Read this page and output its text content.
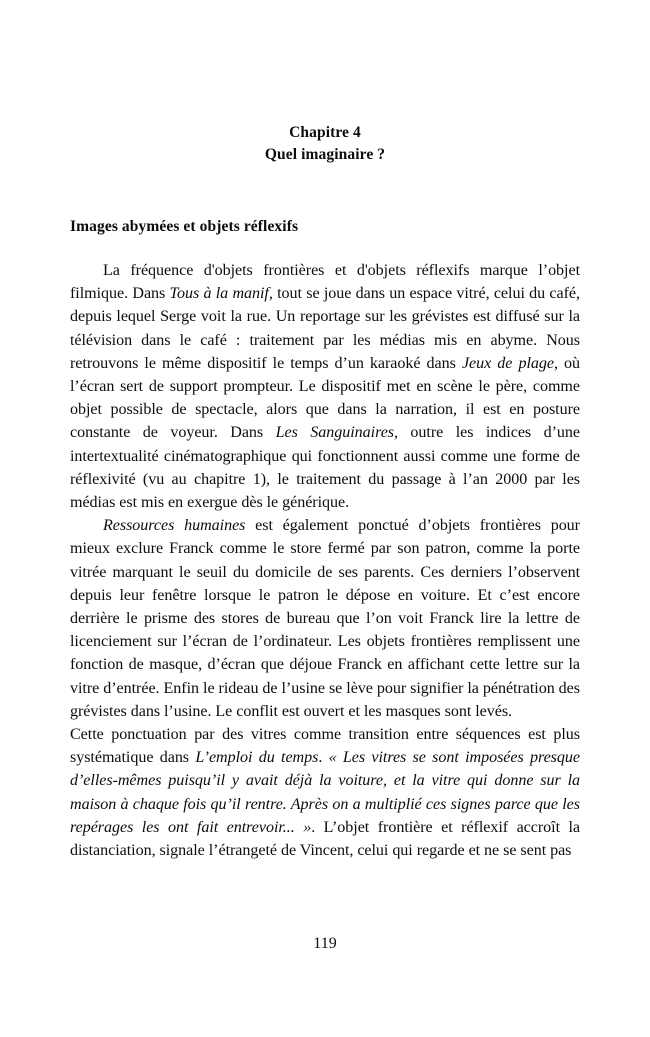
Chapitre 4
Quel imaginaire ?
Images abymées et objets réflexifs

La fréquence d'objets frontières et d'objets réflexifs marque l’objet filmique. Dans Tous à la manif, tout se joue dans un espace vitré, celui du café, depuis lequel Serge voit la rue. Un reportage sur les grévistes est diffusé sur la télévision dans le café : traitement par les médias mis en abyme. Nous retrouvons le même dispositif le temps d’un karaoké dans Jeux de plage, où l’écran sert de support prompteur. Le dispositif met en scène le père, comme objet possible de spectacle, alors que dans la narration, il est en posture constante de voyeur. Dans Les Sanguinaires, outre les indices d’une intertextualité cinématographique qui fonctionnent aussi comme une forme de réflexivité (vu au chapitre 1), le traitement du passage à l’an 2000 par les médias est mis en exergue dès le générique.

Ressources humaines est également ponctué d’objets frontières pour mieux exclure Franck comme le store fermé par son patron, comme la porte vitrée marquant le seuil du domicile de ses parents. Ces derniers l’observent depuis leur fenêtre lorsque le patron le dépose en voiture. Et c’est encore derrière le prisme des stores de bureau que l’on voit Franck lire la lettre de licenciement sur l’écran de l’ordinateur. Les objets frontières remplissent une fonction de masque, d’écran que déjoue Franck en affichant cette lettre sur la vitre d’entrée. Enfin le rideau de l’usine se lève pour signifier la pénétration des grévistes dans l’usine. Le conflit est ouvert et les masques sont levés.

Cette ponctuation par des vitres comme transition entre séquences est plus systématique dans L’emploi du temps. « Les vitres se sont imposées presque d’elles-mêmes puisqu’il y avait déjà la voiture, et la vitre qui donne sur la maison à chaque fois qu’il rentre. Après on a multiplié ces signes parce que les repérages les ont fait entrevoir... ». L’objet frontière et réflexif accroît la distanciation, signale l’étrangeté de Vincent, celui qui regarde et ne se sent pas

119
